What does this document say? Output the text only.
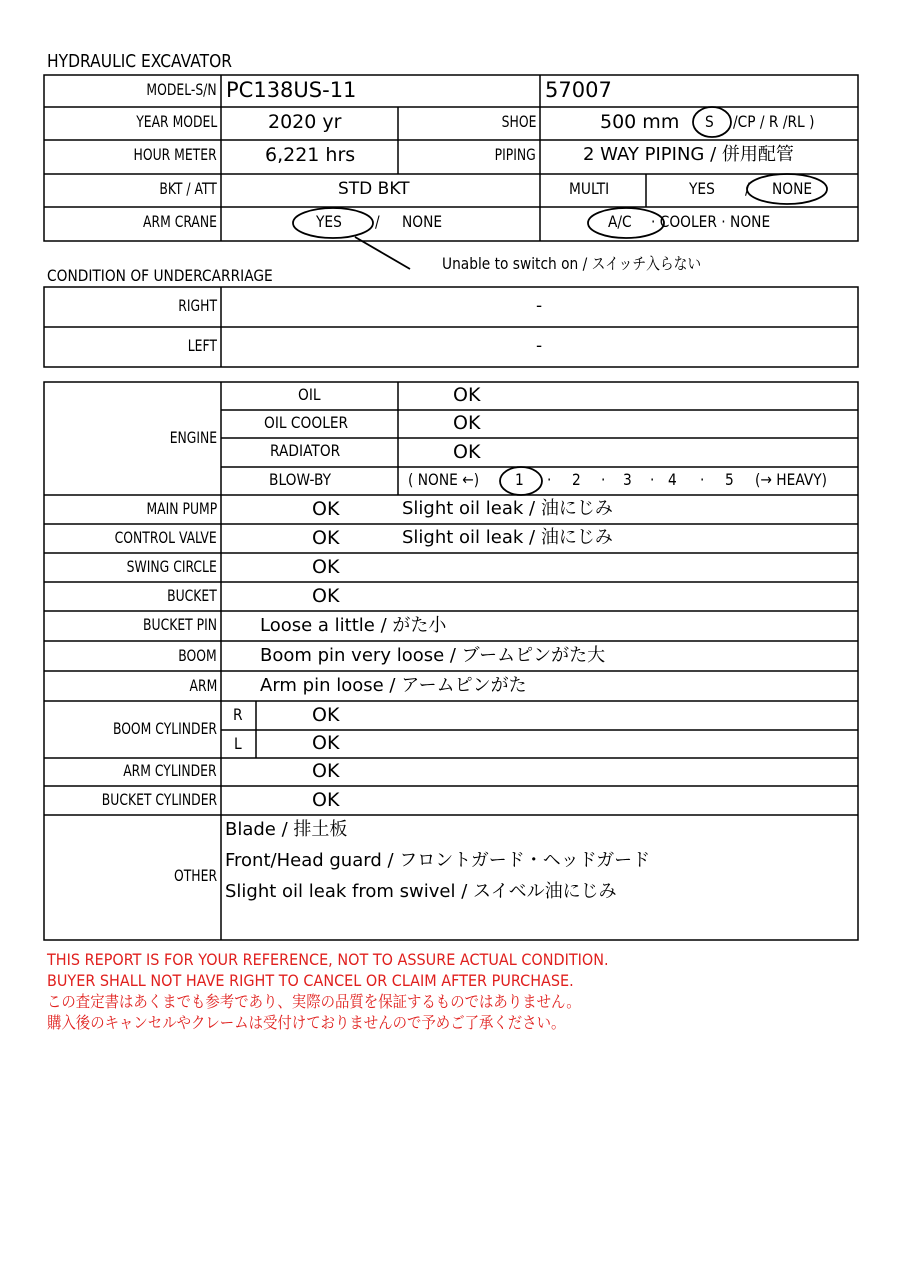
HYDRAULIC EXCAVATOR
MODEL-S/N PC138US-11	57007
YEAR MODEL	2020 yr	SHOE	500 mm S /CP / R /RL )
HOUR METER	6,221 hrs	PIPING	2 WAY PIPING / 併用配管
BKT / ATT	STD BKT	MULTI	YES / NONE
ARM CRANE	YES / NONE	A/C · COOLER · NONE
Unable to switch on / スイッチ入らない
CONDITION OF UNDERCARRIAGE
RIGHT	-
LEFT	-
ENGINE
OIL	OK
OIL COOLER	OK
RADIATOR	OK
BLOW-BY	( NONE ←) 1 · 2 · 3 · 4 · 5 (→ HEAVY)
MAIN PUMP	OK	Slight oil leak / 油にじみ
CONTROL VALVE	OK	Slight oil leak / 油にじみ
SWING CIRCLE	OK
BUCKET	OK
BUCKET PIN Loose a little / がた小
BOOM Boom pin very loose / ブームピンがた大
ARM Arm pin loose / アームピンがた
BOOM CYLINDER
R	OK
L	OK
ARM CYLINDER	OK
BUCKET CYLINDER	OK
OTHER
Blade / 排土板
Front/Head guard / フロントガード・ヘッドガード
Slight oil leak from swivel / スイベル油にじみ
THIS REPORT IS FOR YOUR REFERENCE, NOT TO ASSURE ACTUAL CONDITION.
BUYER SHALL NOT HAVE RIGHT TO CANCEL OR CLAIM AFTER PURCHASE.
この査定書はあくまでも参考であり、実際の品質を保証するものではありません。
購入後のキャンセルやクレームは受付けておりませんので予めご了承ください。
